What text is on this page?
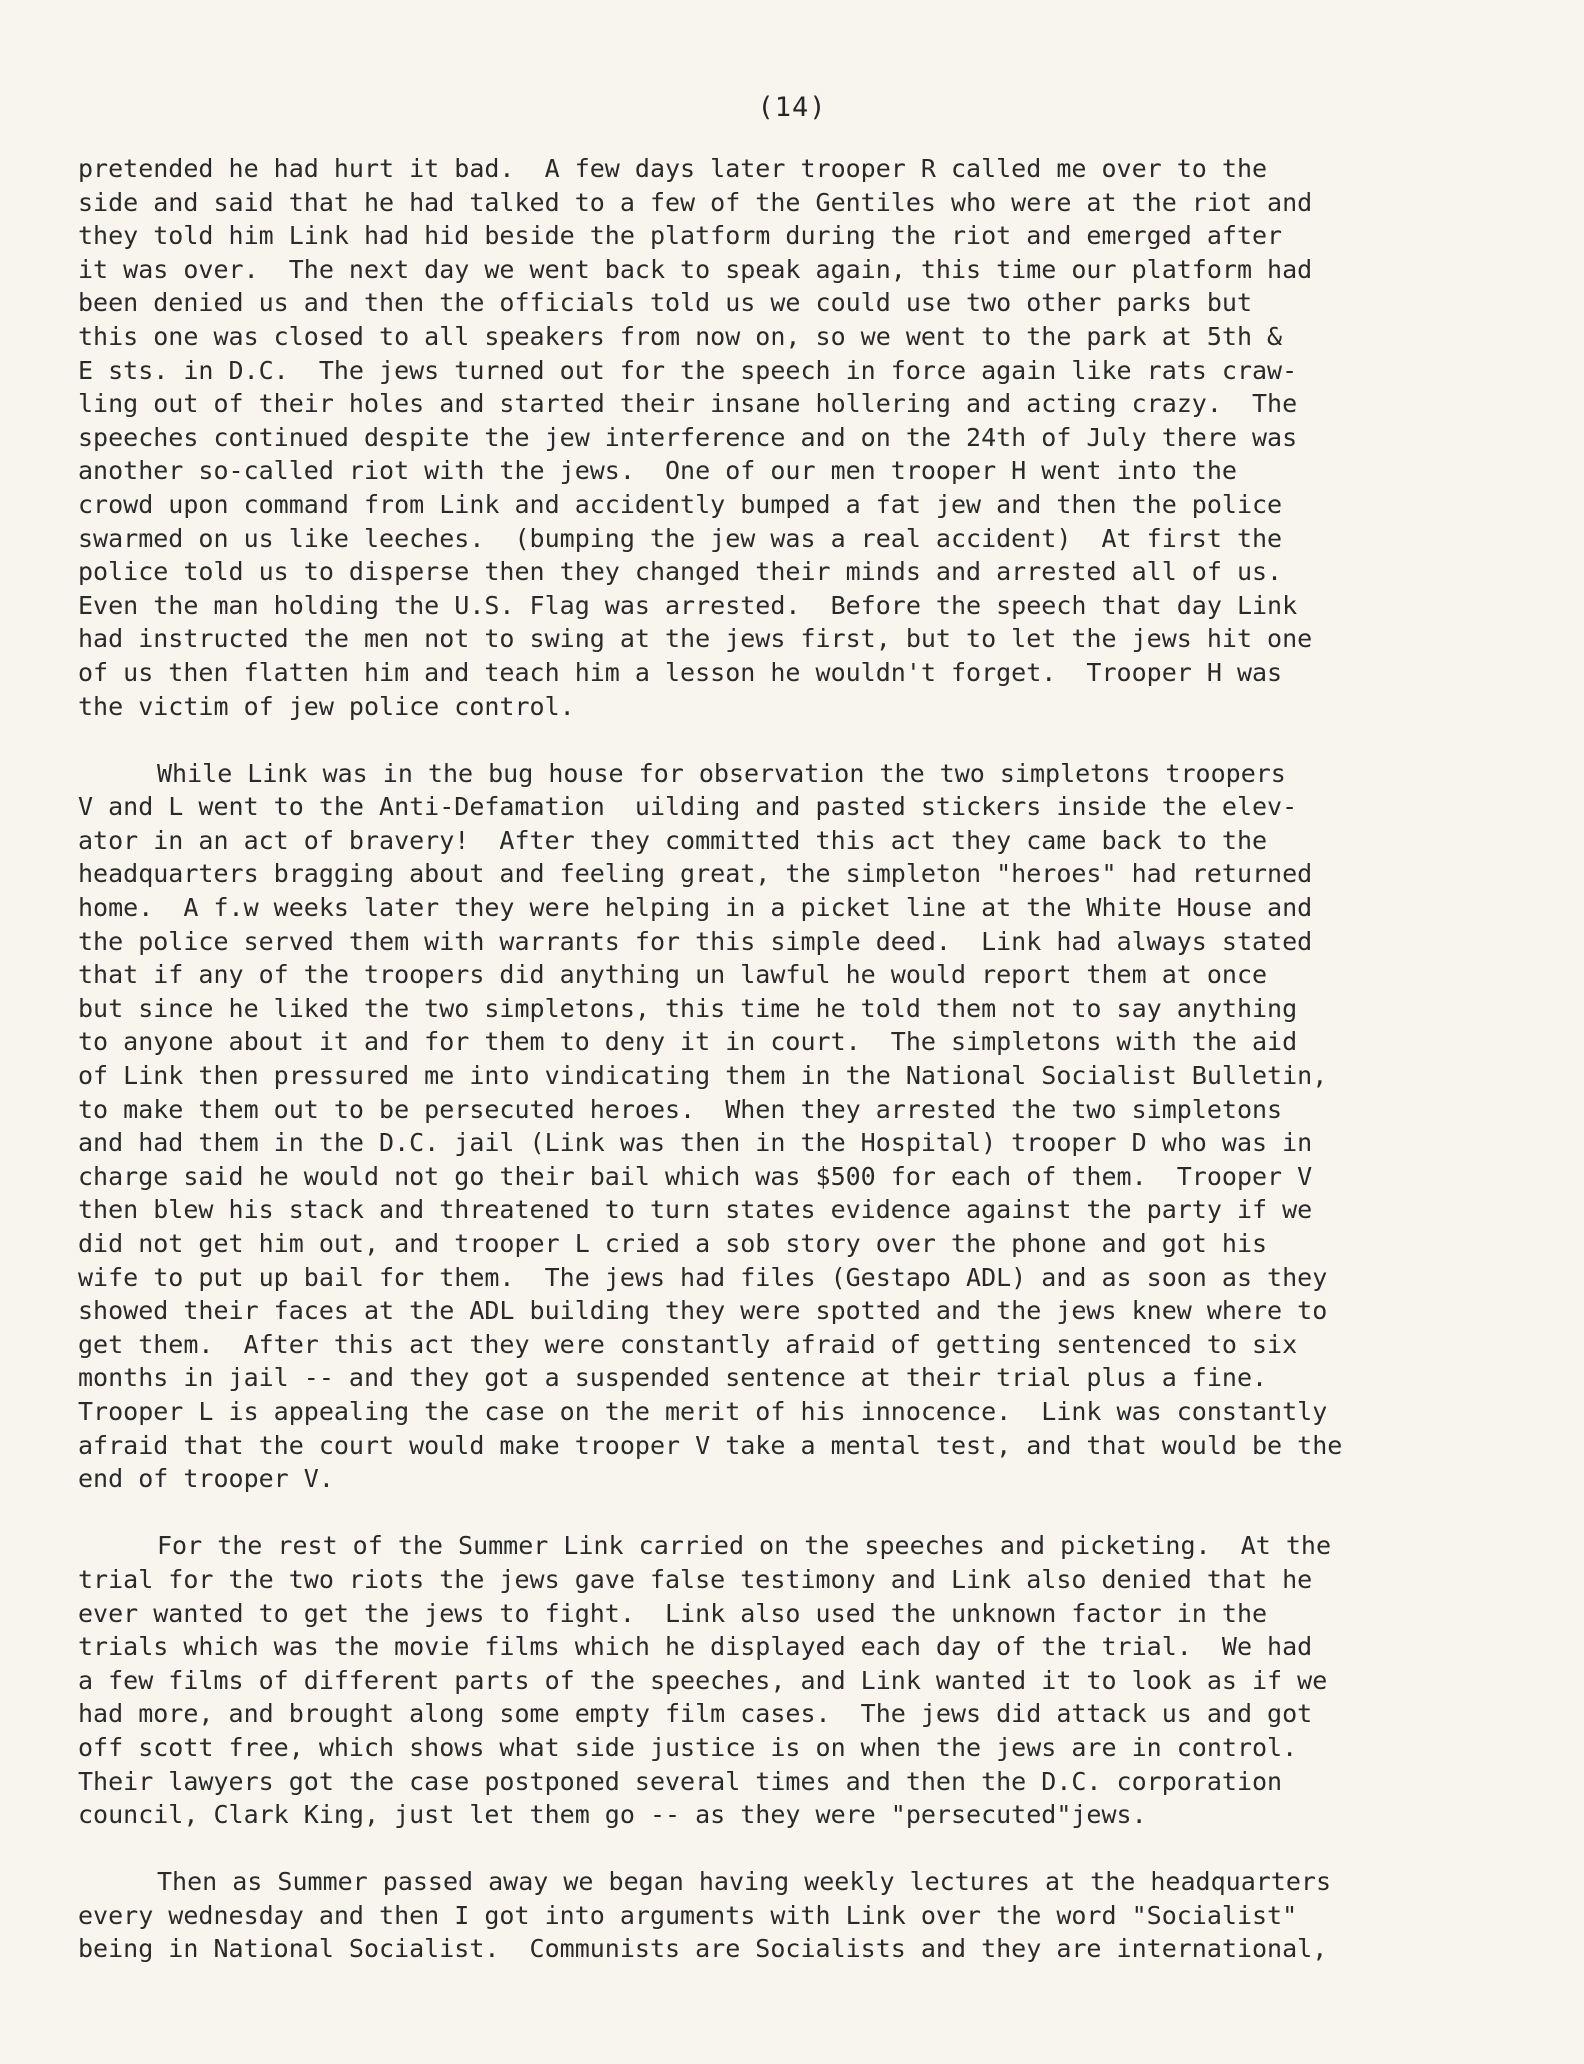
(14)
pretended he had hurt it bad.  A few days later trooper R called me over to the
side and said that he had talked to a few of the Gentiles who were at the riot and
they told him Link had hid beside the platform during the riot and emerged after
it was over.  The next day we went back to speak again, this time our platform had
been denied us and then the officials told us we could use two other parks but
this one was closed to all speakers from now on, so we went to the park at 5th &
E sts. in D.C.  The jews turned out for the speech in force again like rats craw-
ling out of their holes and started their insane hollering and acting crazy.  The
speeches continued despite the jew interference and on the 24th of July there was
another so-called riot with the jews.  One of our men trooper H went into the
crowd upon command from Link and accidently bumped a fat jew and then the police
swarmed on us like leeches.  (bumping the jew was a real accident)  At first the
police told us to disperse then they changed their minds and arrested all of us.
Even the man holding the U.S. Flag was arrested.  Before the speech that day Link
had instructed the men not to swing at the jews first, but to let the jews hit one
of us then flatten him and teach him a lesson he wouldn't forget.  Trooper H was
the victim of jew police control.
While Link was in the bug house for observation the two simpletons troopers
V and L went to the Anti-Defamation  uilding and pasted stickers inside the elev-
ator in an act of bravery!  After they committed this act they came back to the
headquarters bragging about and feeling great, the simpleton "heroes" had returned
home.  A f.w weeks later they were helping in a picket line at the White House and
the police served them with warrants for this simple deed.  Link had always stated
that if any of the troopers did anything un lawful he would report them at once
but since he liked the two simpletons, this time he told them not to say anything
to anyone about it and for them to deny it in court.  The simpletons with the aid
of Link then pressured me into vindicating them in the National Socialist Bulletin,
to make them out to be persecuted heroes.  When they arrested the two simpletons
and had them in the D.C. jail (Link was then in the Hospital) trooper D who was in
charge said he would not go their bail which was $500 for each of them.  Trooper V
then blew his stack and threatened to turn states evidence against the party if we
did not get him out, and trooper L cried a sob story over the phone and got his
wife to put up bail for them.  The jews had files (Gestapo ADL) and as soon as they
showed their faces at the ADL building they were spotted and the jews knew where to
get them.  After this act they were constantly afraid of getting sentenced to six
months in jail -- and they got a suspended sentence at their trial plus a fine.
Trooper L is appealing the case on the merit of his innocence.  Link was constantly
afraid that the court would make trooper V take a mental test, and that would be the
end of trooper V.
For the rest of the Summer Link carried on the speeches and picketing.  At the
trial for the two riots the jews gave false testimony and Link also denied that he
ever wanted to get the jews to fight.  Link also used the unknown factor in the
trials which was the movie films which he displayed each day of the trial.  We had
a few films of different parts of the speeches, and Link wanted it to look as if we
had more, and brought along some empty film cases.  The jews did attack us and got
off scott free, which shows what side justice is on when the jews are in control.
Their lawyers got the case postponed several times and then the D.C. corporation
council, Clark King, just let them go -- as they were "persecuted"jews.
Then as Summer passed away we began having weekly lectures at the headquarters
every wednesday and then I got into arguments with Link over the word "Socialist"
being in National Socialist.  Communists are Socialists and they are international,
